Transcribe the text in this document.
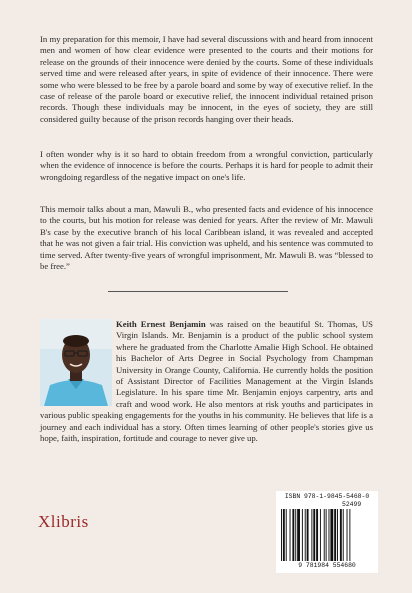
In my preparation for this memoir, I have had several discussions with and heard from innocent men and women of how clear evidence were presented to the courts and their motions for release on the grounds of their innocence were denied by the courts. Some of these individuals served time and were released after years, in spite of evidence of their innocence. There were some who were blessed to be free by a parole board and some by way of executive relief. In the case of release of the parole board or executive relief, the innocent individual retained prison records. Though these individuals may be innocent, in the eyes of society, they are still considered guilty because of the prison records hanging over their heads.
I often wonder why is it so hard to obtain freedom from a wrongful conviction, particularly when the evidence of innocence is before the courts. Perhaps it is hard for people to admit their wrongdoing regardless of the negative impact on one's life.
This memoir talks about a man, Mawuli B., who presented facts and evidence of his innocence to the courts, but his motion for release was denied for years. After the review of Mr. Mawuli B's case by the executive branch of his local Caribbean island, it was revealed and accepted that he was not given a fair trial. His conviction was upheld, and his sentence was commuted to time served. After twenty-five years of wrongful imprisonment, Mr. Mawuli B. was “blessed to be free.”
Keith Ernest Benjamin was raised on the beautiful St. Thomas, US Virgin Islands. Mr. Benjamin is a product of the public school system where he graduated from the Charlotte Amalie High School. He obtained his Bachelor of Arts Degree in Social Psychology from Champman University in Orange County, California. He currently holds the position of Assistant Director of Facilities Management at the Virgin Islands Legislature. In his spare time Mr. Benjamin enjoys carpentry, arts and craft and wood work. He also mentors at risk youths and participates in various public speaking engagements for the youths in his community. He believes that life is a journey and each individual has a story. Often times learning of other people's stories give us hope, faith, inspiration, fortitude and courage to never give up.
Xlibris
ISBN 978-1-9845-5468-0
52499
9 781984 554680
